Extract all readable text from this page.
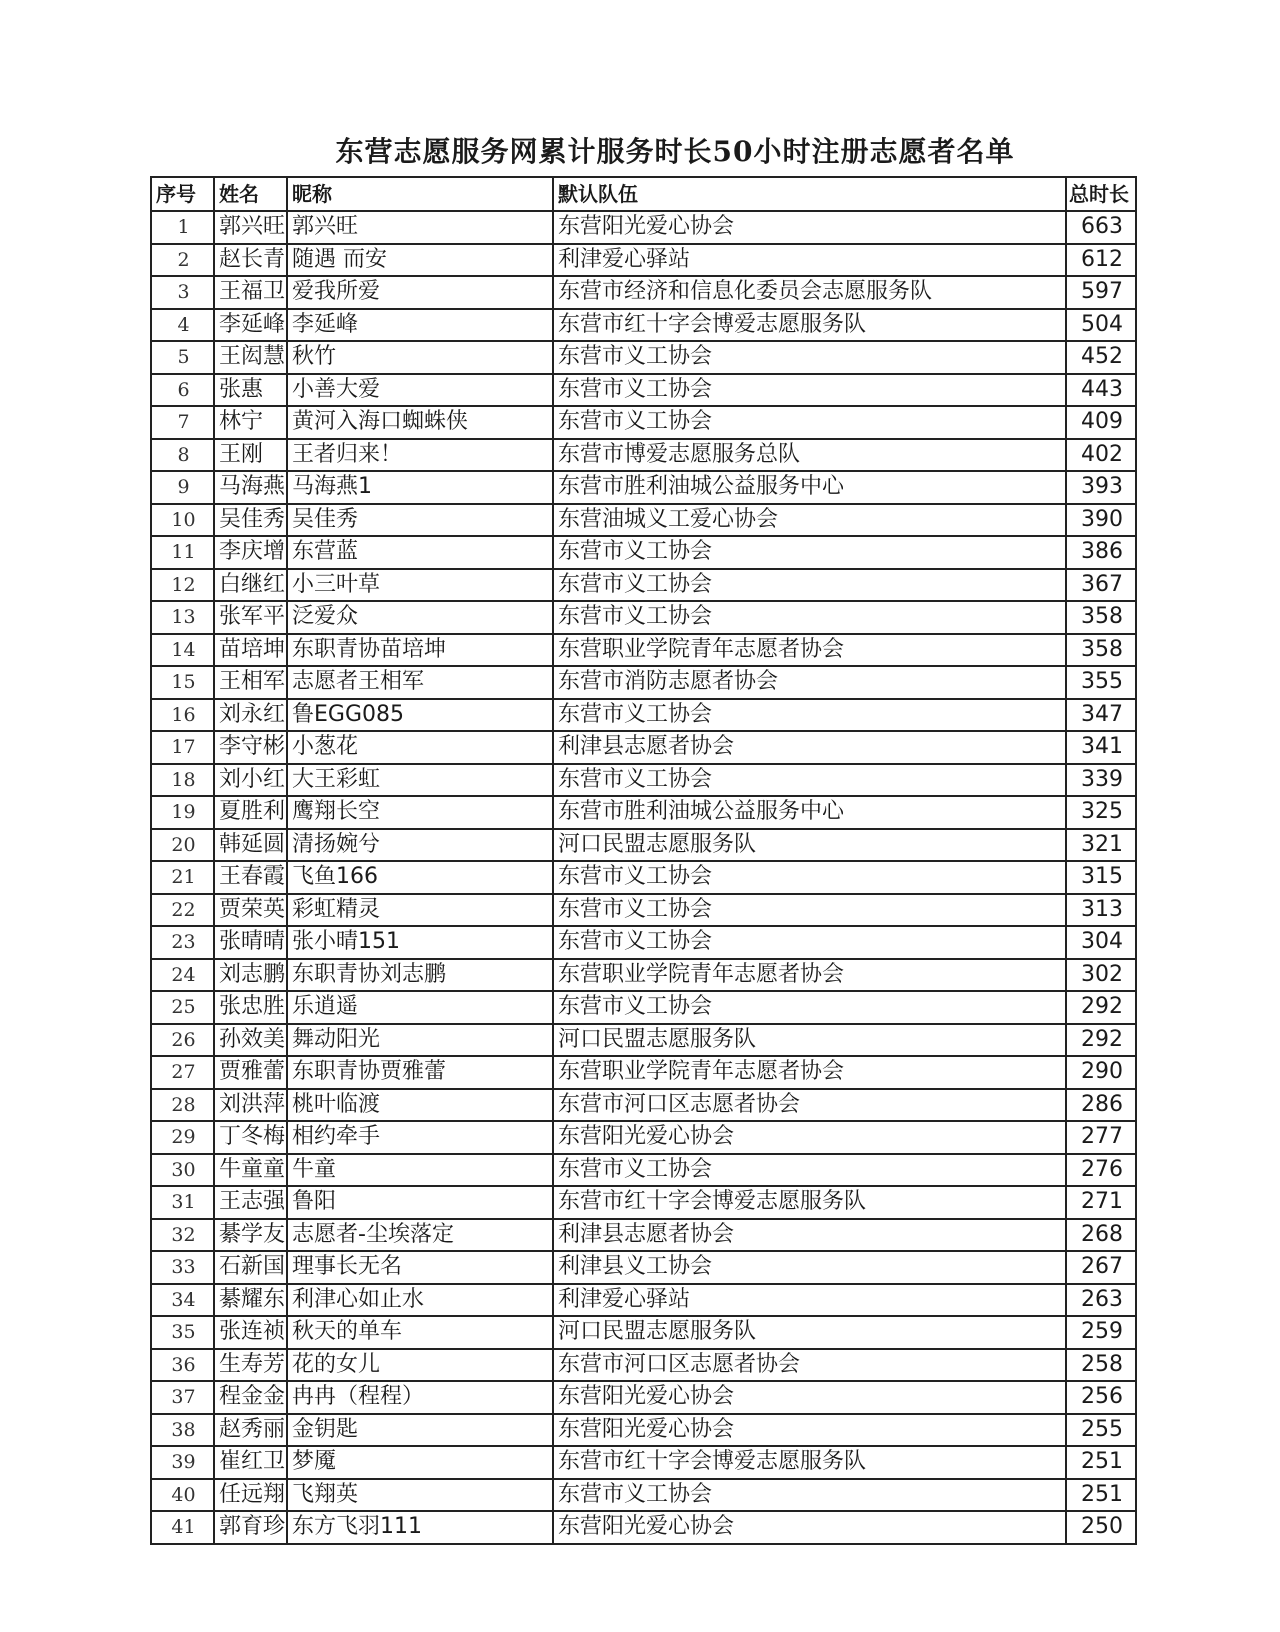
东营志愿服务网累计服务时长50小时注册志愿者名单
序号	姓名	昵称	默认队伍	总时长
1	郭兴旺	郭兴旺	东营阳光爱心协会	663
2	赵长青	随遇 而安	利津爱心驿站	612
3	王福卫	爱我所爱	东营市经济和信息化委员会志愿服务队	597
4	李延峰	李延峰	东营市红十字会博爱志愿服务队	504
5	王闳慧	秋竹	东营市义工协会	452
6	张惠	小善大爱	东营市义工协会	443
7	林宁	黄河入海口蜘蛛侠	东营市义工协会	409
8	王刚	王者归来！	东营市博爱志愿服务总队	402
9	马海燕	马海燕1	东营市胜利油城公益服务中心	393
10	吴佳秀	吴佳秀	东营油城义工爱心协会	390
11	李庆增	东营蓝	东营市义工协会	386
12	白继红	小三叶草	东营市义工协会	367
13	张军平	泛爱众	东营市义工协会	358
14	苗培坤	东职青协苗培坤	东营职业学院青年志愿者协会	358
15	王相军	志愿者王相军	东营市消防志愿者协会	355
16	刘永红	鲁EGG085	东营市义工协会	347
17	李守彬	小葱花	利津县志愿者协会	341
18	刘小红	大王彩虹	东营市义工协会	339
19	夏胜利	鹰翔长空	东营市胜利油城公益服务中心	325
20	韩延圆	清扬婉兮	河口民盟志愿服务队	321
21	王春霞	飞鱼166	东营市义工协会	315
22	贾荣英	彩虹精灵	东营市义工协会	313
23	张晴晴	张小晴151	东营市义工协会	304
24	刘志鹏	东职青协刘志鹏	东营职业学院青年志愿者协会	302
25	张忠胜	乐逍遥	东营市义工协会	292
26	孙效美	舞动阳光	河口民盟志愿服务队	292
27	贾雅蕾	东职青协贾雅蕾	东营职业学院青年志愿者协会	290
28	刘洪萍	桃叶临渡	东营市河口区志愿者协会	286
29	丁冬梅	相约牵手	东营阳光爱心协会	277
30	牛童童	牛童	东营市义工协会	276
31	王志强	鲁阳	东营市红十字会博爱志愿服务队	271
32	綦学友	志愿者-尘埃落定	利津县志愿者协会	268
33	石新国	理事长无名	利津县义工协会	267
34	綦耀东	利津心如止水	利津爱心驿站	263
35	张连祯	秋天的单车	河口民盟志愿服务队	259
36	生寿芳	花的女儿	东营市河口区志愿者协会	258
37	程金金	冉冉（程程）	东营阳光爱心协会	256
38	赵秀丽	金钥匙	东营阳光爱心协会	255
39	崔红卫	梦魇	东营市红十字会博爱志愿服务队	251
40	任远翔	飞翔英	东营市义工协会	251
41	郭育珍	东方飞羽111	东营阳光爱心协会	250
